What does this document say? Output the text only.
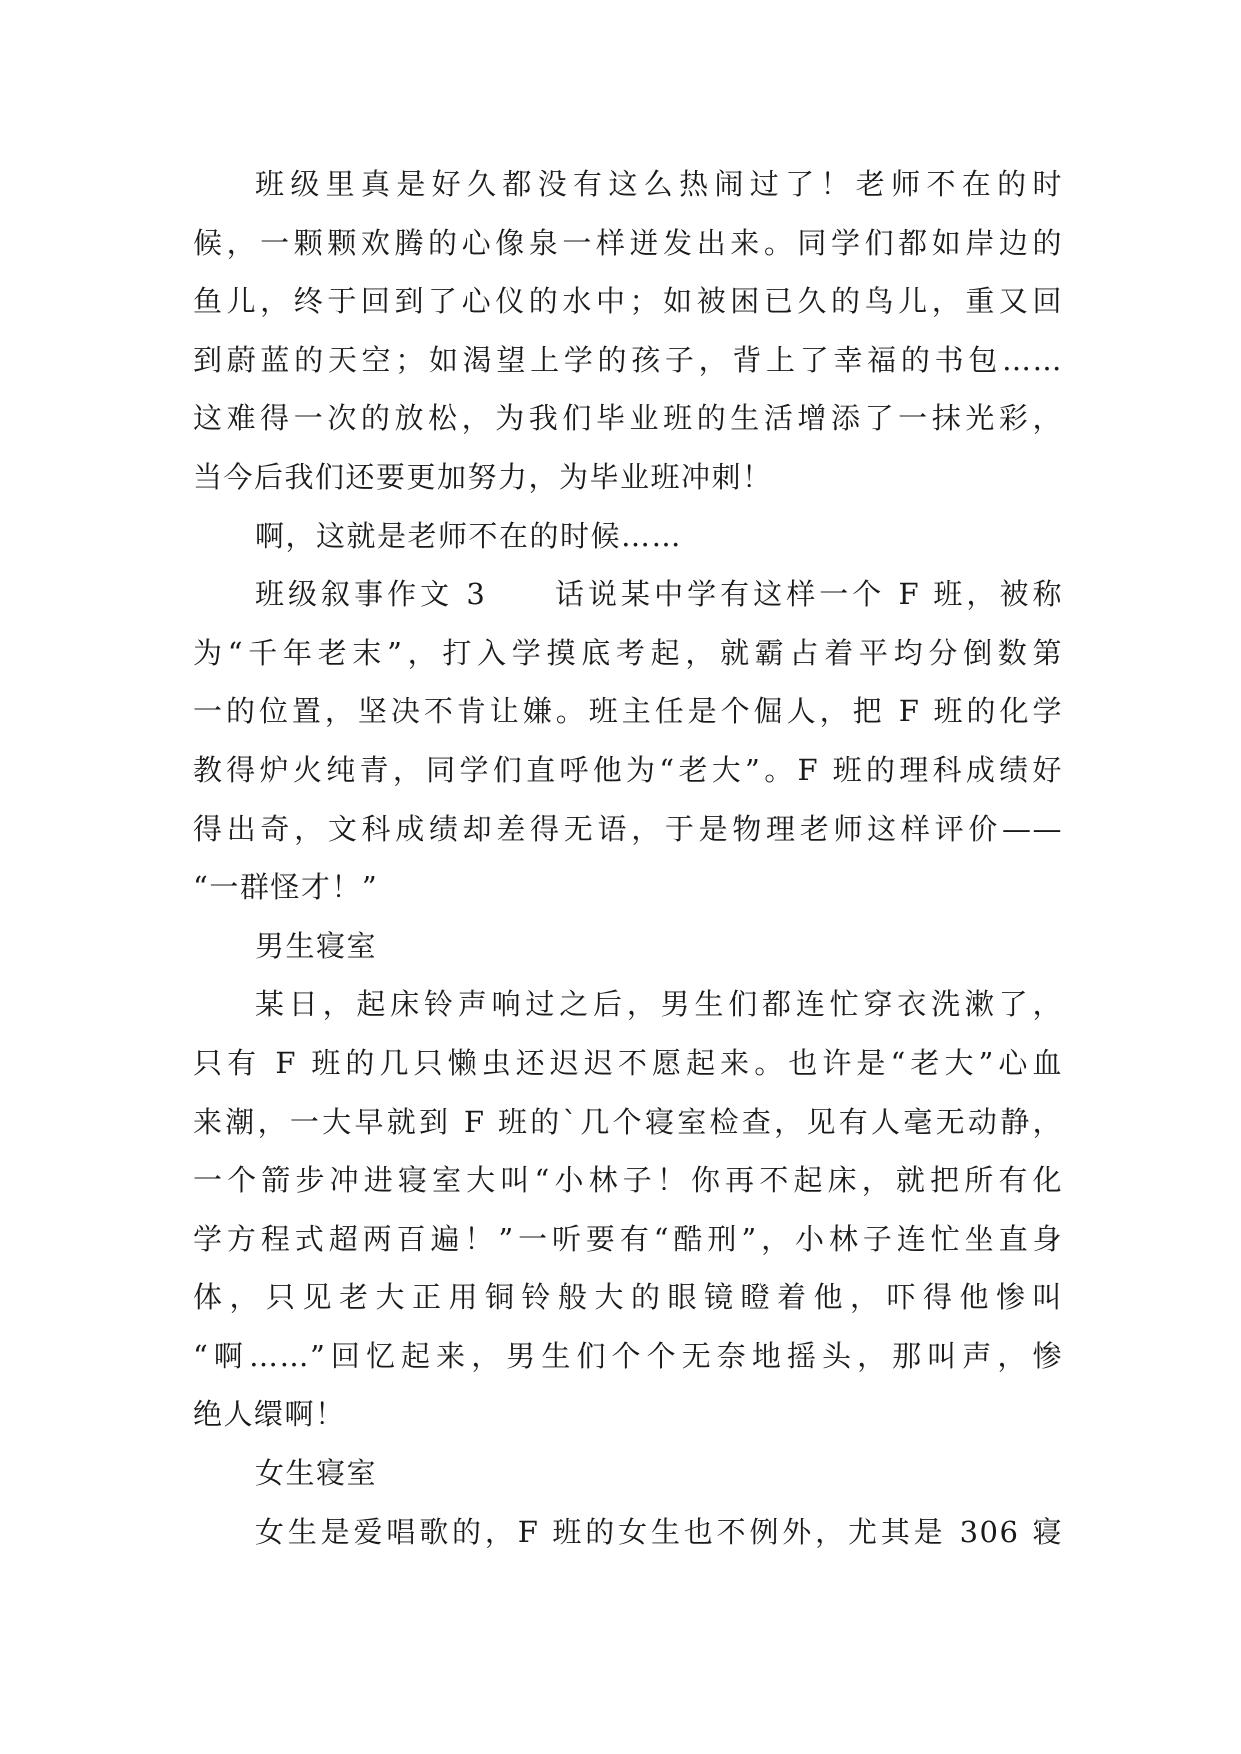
班级里真是好久都没有这么热闹过了！老师不在的时
候，一颗颗欢腾的心像泉一样迸发出来。同学们都如岸边的
鱼儿，终于回到了心仪的水中；如被困已久的鸟儿，重又回
到蔚蓝的天空；如渴望上学的孩子，背上了幸福的书包……
这难得一次的放松，为我们毕业班的生活增添了一抹光彩，
当今后我们还要更加努力，为毕业班冲刺！
啊，这就是老师不在的时候……
班级叙事作文 3　　话说某中学有这样一个 F 班，被称
为“千年老末”，打入学摸底考起，就霸占着平均分倒数第
一的位置，坚决不肯让嫌。班主任是个倔人，把 F 班的化学
教得炉火纯青，同学们直呼他为“老大”。F 班的理科成绩好
得出奇，文科成绩却差得无语，于是物理老师这样评价——
“一群怪才！”
男生寝室
某日，起床铃声响过之后，男生们都连忙穿衣洗漱了，
只有 F 班的几只懒虫还迟迟不愿起来。也许是“老大”心血
来潮，一大早就到 F 班的`几个寝室检查，见有人毫无动静，
一个箭步冲进寝室大叫“小林子！你再不起床，就把所有化
学方程式超两百遍！”一听要有“酷刑”，小林子连忙坐直身
体，只见老大正用铜铃般大的眼镜瞪着他，吓得他惨叫
“啊……”回忆起来，男生们个个无奈地摇头，那叫声，惨
绝人缳啊！
女生寝室
女生是爱唱歌的，F 班的女生也不例外，尤其是 306 寝
